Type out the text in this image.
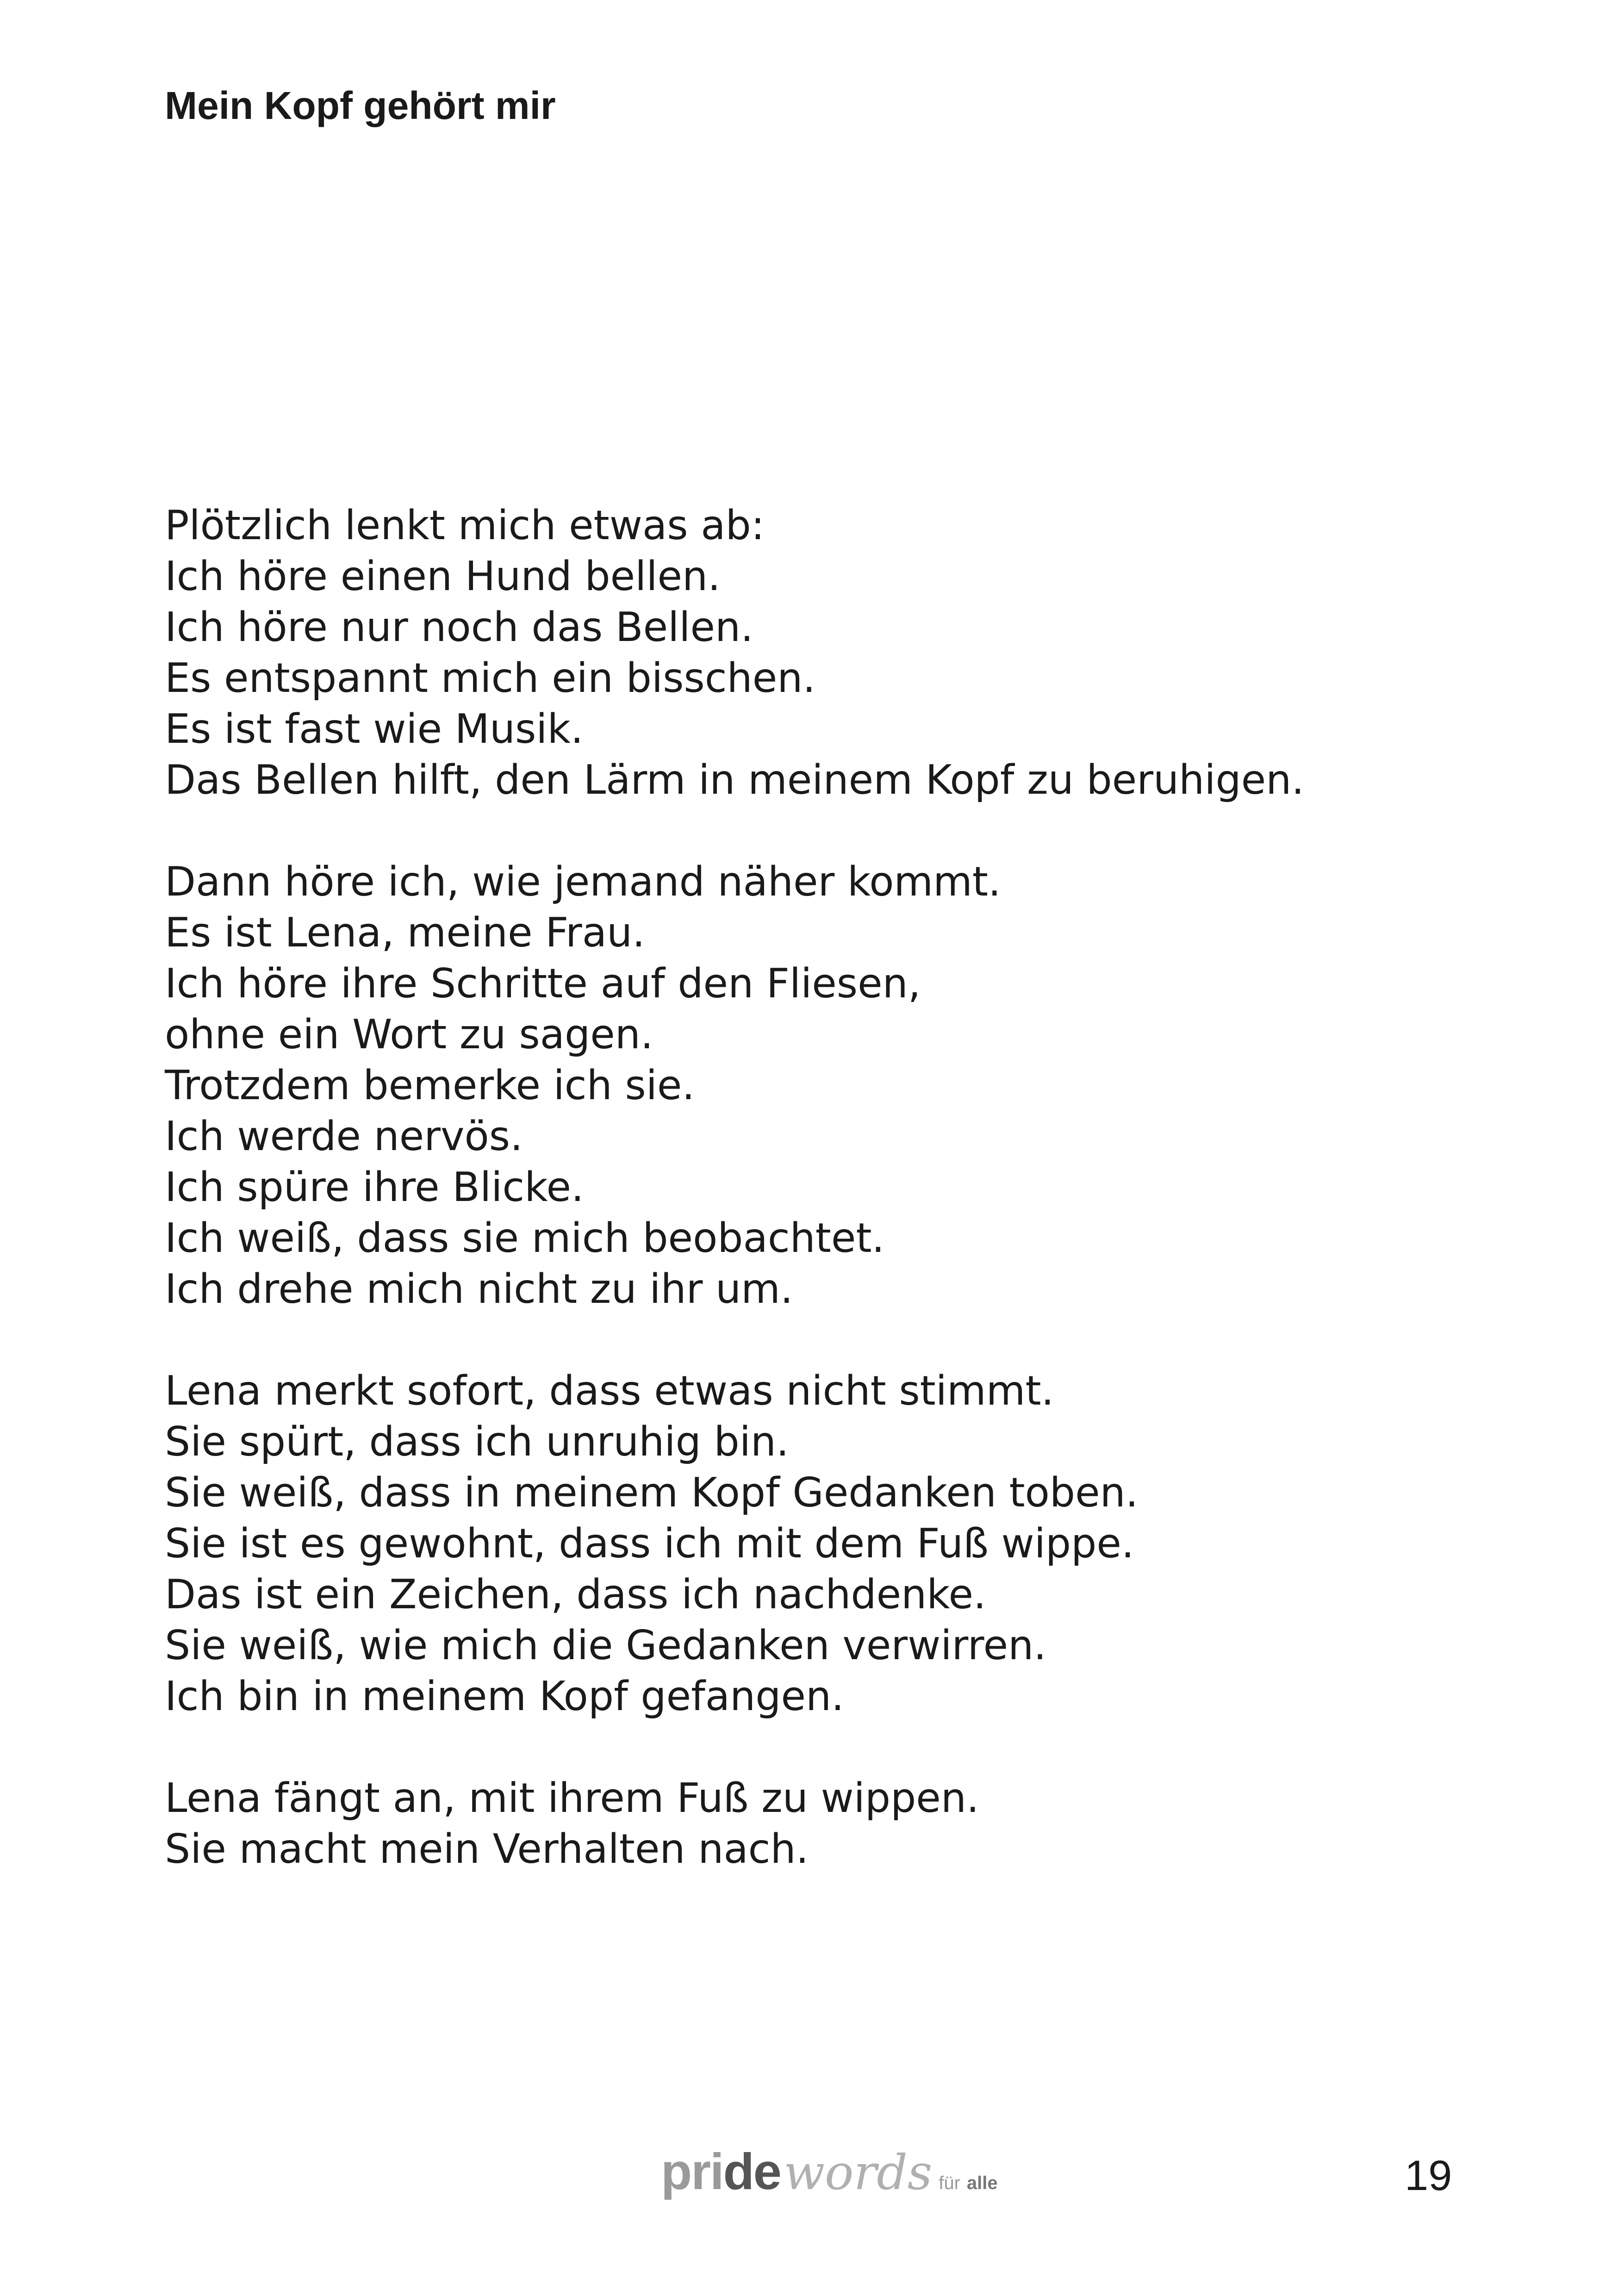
Mein Kopf gehört mir
Plötzlich lenkt mich etwas ab:
Ich höre einen Hund bellen.
Ich höre nur noch das Bellen.
Es entspannt mich ein bisschen.
Es ist fast wie Musik.
Das Bellen hilft, den Lärm in meinem Kopf zu beruhigen.
Dann höre ich, wie jemand näher kommt.
Es ist Lena, meine Frau.
Ich höre ihre Schritte auf den Fliesen,
ohne ein Wort zu sagen.
Trotzdem bemerke ich sie.
Ich werde nervös.
Ich spüre ihre Blicke.
Ich weiß, dass sie mich beobachtet.
Ich drehe mich nicht zu ihr um.
Lena merkt sofort, dass etwas nicht stimmt.
Sie spürt, dass ich unruhig bin.
Sie weiß, dass in meinem Kopf Gedanken toben.
Sie ist es gewohnt, dass ich mit dem Fuß wippe.
Das ist ein Zeichen, dass ich nachdenke.
Sie weiß, wie mich die Gedanken verwirren.
Ich bin in meinem Kopf gefangen.
Lena fängt an, mit ihrem Fuß zu wippen.
Sie macht mein Verhalten nach.
pridewords für alle	19
